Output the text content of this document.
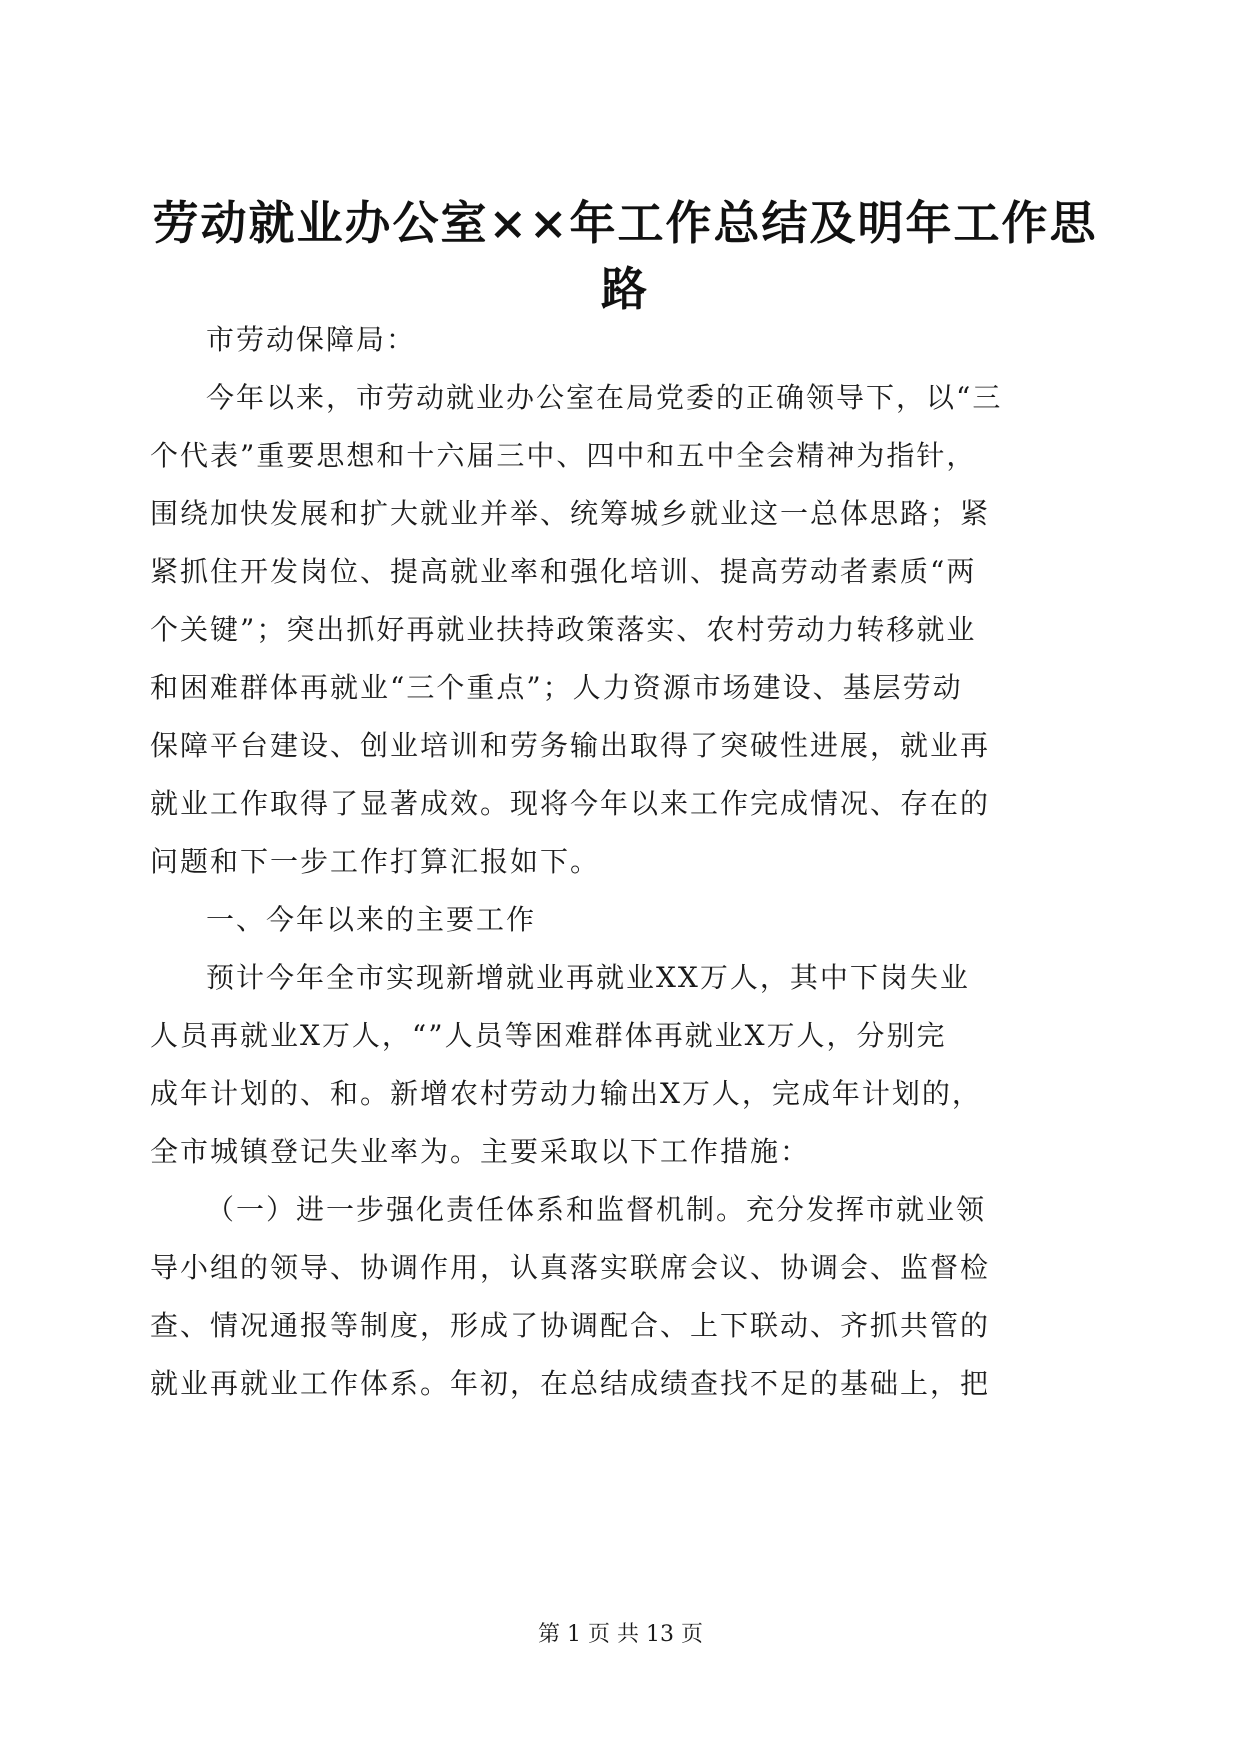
劳动就业办公室××年工作总结及明年工作思
路
市劳动保障局：
今年以来，市劳动就业办公室在局党委的正确领导下，以“三
个代表”重要思想和十六届三中、四中和五中全会精神为指针，
围绕加快发展和扩大就业并举、统筹城乡就业这一总体思路；紧
紧抓住开发岗位、提高就业率和强化培训、提高劳动者素质“两
个关键”；突出抓好再就业扶持政策落实、农村劳动力转移就业
和困难群体再就业“三个重点”；人力资源市场建设、基层劳动
保障平台建设、创业培训和劳务输出取得了突破性进展，就业再
就业工作取得了显著成效。现将今年以来工作完成情况、存在的
问题和下一步工作打算汇报如下。
一、今年以来的主要工作
预计今年全市实现新增就业再就业XX万人，其中下岗失业
人员再就业X万人，“”人员等困难群体再就业X万人，分别完
成年计划的、和。新增农村劳动力输出X万人，完成年计划的，
全市城镇登记失业率为。主要采取以下工作措施：
（一）进一步强化责任体系和监督机制。充分发挥市就业领
导小组的领导、协调作用，认真落实联席会议、协调会、监督检
查、情况通报等制度，形成了协调配合、上下联动、齐抓共管的
就业再就业工作体系。年初，在总结成绩查找不足的基础上，把
第 1 页 共 13 页
